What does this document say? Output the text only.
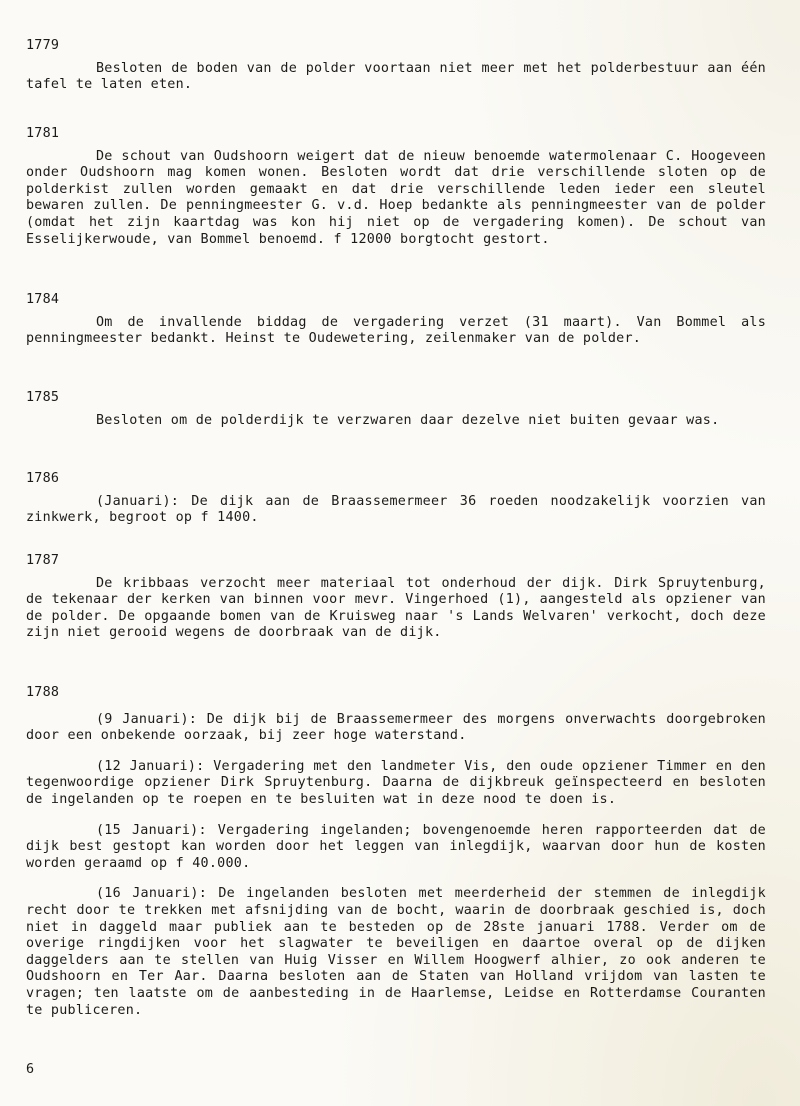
1779

Besloten de boden van de polder voortaan niet meer met het polderbestuur aan één tafel te laten eten.

1781

De schout van Oudshoorn weigert dat de nieuw benoemde watermolenaar C. Hoogeveen onder Oudshoorn mag komen wonen. Besloten wordt dat drie verschillende sloten op de polderkist zullen worden gemaakt en dat drie verschillende leden ieder een sleutel bewaren zullen. De penningmeester G. v.d. Hoep bedankte als penningmeester van de polder (omdat het zijn kaartdag was kon hij niet op de vergadering komen). De schout van Esselijkerwoude, van Bommel benoemd. f 12000 borgtocht gestort.

1784

Om de invallende biddag de vergadering verzet (31 maart). Van Bommel als penningmeester bedankt. Heinst te Oudewetering, zeilenmaker van de polder.

1785

Besloten om de polderdijk te verzwaren daar dezelve niet buiten gevaar was.

1786

(Januari): De dijk aan de Braassemermeer 36 roeden noodzakelijk voorzien van zinkwerk, begroot op f 1400.

1787

De kribbaas verzocht meer materiaal tot onderhoud der dijk. Dirk Spruytenburg, de tekenaar der kerken van binnen voor mevr. Vingerhoed (1), aangesteld als opziener van de polder. De opgaande bomen van de Kruisweg naar 's Lands Welvaren' verkocht, doch deze zijn niet gerooid wegens de doorbraak van de dijk.

1788

(9 Januari): De dijk bij de Braassemermeer des morgens onverwachts doorgebroken door een onbekende oorzaak, bij zeer hoge waterstand.

(12 Januari): Vergadering met den landmeter Vis, den oude opziener Timmer en den tegenwoordige opziener Dirk Spruytenburg. Daarna de dijkbreuk geïnspecteerd en besloten de ingelanden op te roepen en te besluiten wat in deze nood te doen is.

(15 Januari): Vergadering ingelanden; bovengenoemde heren rapporteerden dat de dijk best gestopt kan worden door het leggen van inlegdijk, waarvan door hun de kosten worden geraamd op f 40.000.

(16 Januari): De ingelanden besloten met meerderheid der stemmen de inlegdijk recht door te trekken met afsnijding van de bocht, waarin de doorbraak geschied is, doch niet in daggeld maar publiek aan te besteden op de 28ste januari 1788. Verder om de overige ringdijken voor het slagwater te beveiligen en daartoe overal op de dijken daggelders aan te stellen van Huig Visser en Willem Hoogwerf alhier, zo ook anderen te Oudshoorn en Ter Aar. Daarna besloten aan de Staten van Holland vrijdom van lasten te vragen; ten laatste om de aanbesteding in de Haarlemse, Leidse en Rotterdamse Couranten te publiceren.

6
